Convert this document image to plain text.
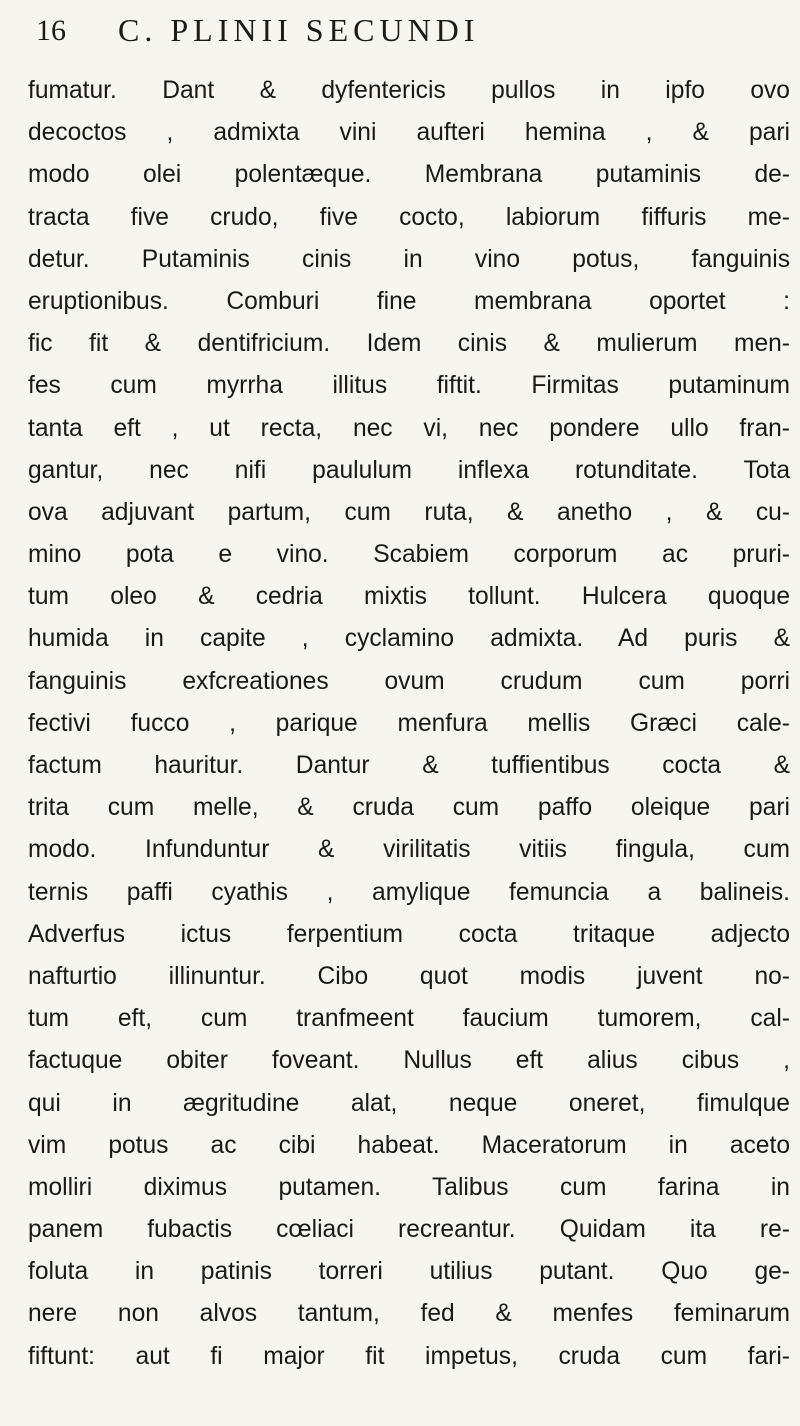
16 C. PLINII SECUNDI
fumatur. Dant & dyfentericis pullos in ipfo ovo
decoctos , admixta vini aufteri hemina , & pari
modo olei polentæque. Membrana putaminis de-
tracta five crudo, five cocto, labiorum fiffuris me-
detur. Putaminis cinis in vino potus, fanguinis
eruptionibus. Comburi fine membrana oportet :
fic fit & dentifricium. Idem cinis & mulierum men-
fes cum myrrha illitus fiftit. Firmitas putaminum
tanta eft , ut recta, nec vi, nec pondere ullo fran-
gantur, nec nifi paululum inflexa rotunditate. Tota
ova adjuvant partum, cum ruta, & anetho , & cu-
mino pota e vino. Scabiem corporum ac pruri-
tum oleo & cedria mixtis tollunt. Hulcera quoque
humida in capite , cyclamino admixta. Ad puris &
fanguinis exfcreationes ovum crudum cum porri
fectivi fucco , parique menfura mellis Græci cale-
factum hauritur. Dantur & tuffientibus cocta &
trita cum melle, & cruda cum paffo oleique pari
modo. Infunduntur & virilitatis vitiis fingula, cum
ternis paffi cyathis , amylique femuncia a balineis.
Adverfus ictus ferpentium cocta tritaque adjecto
nafturtio illinuntur. Cibo quot modis juvent no-
tum eft, cum tranfmeent faucium tumorem, cal-
factuque obiter foveant. Nullus eft alius cibus ,
qui in ægritudine alat, neque oneret, fimulque
vim potus ac cibi habeat. Maceratorum in aceto
molliri diximus putamen. Talibus cum farina in
panem fubactis cœliaci recreantur. Quidam ita re-
foluta in patinis torreri utilius putant. Quo ge-
nere non alvos tantum, fed & menfes feminarum
fiftunt: aut fi major fit impetus, cruda cum fari-
